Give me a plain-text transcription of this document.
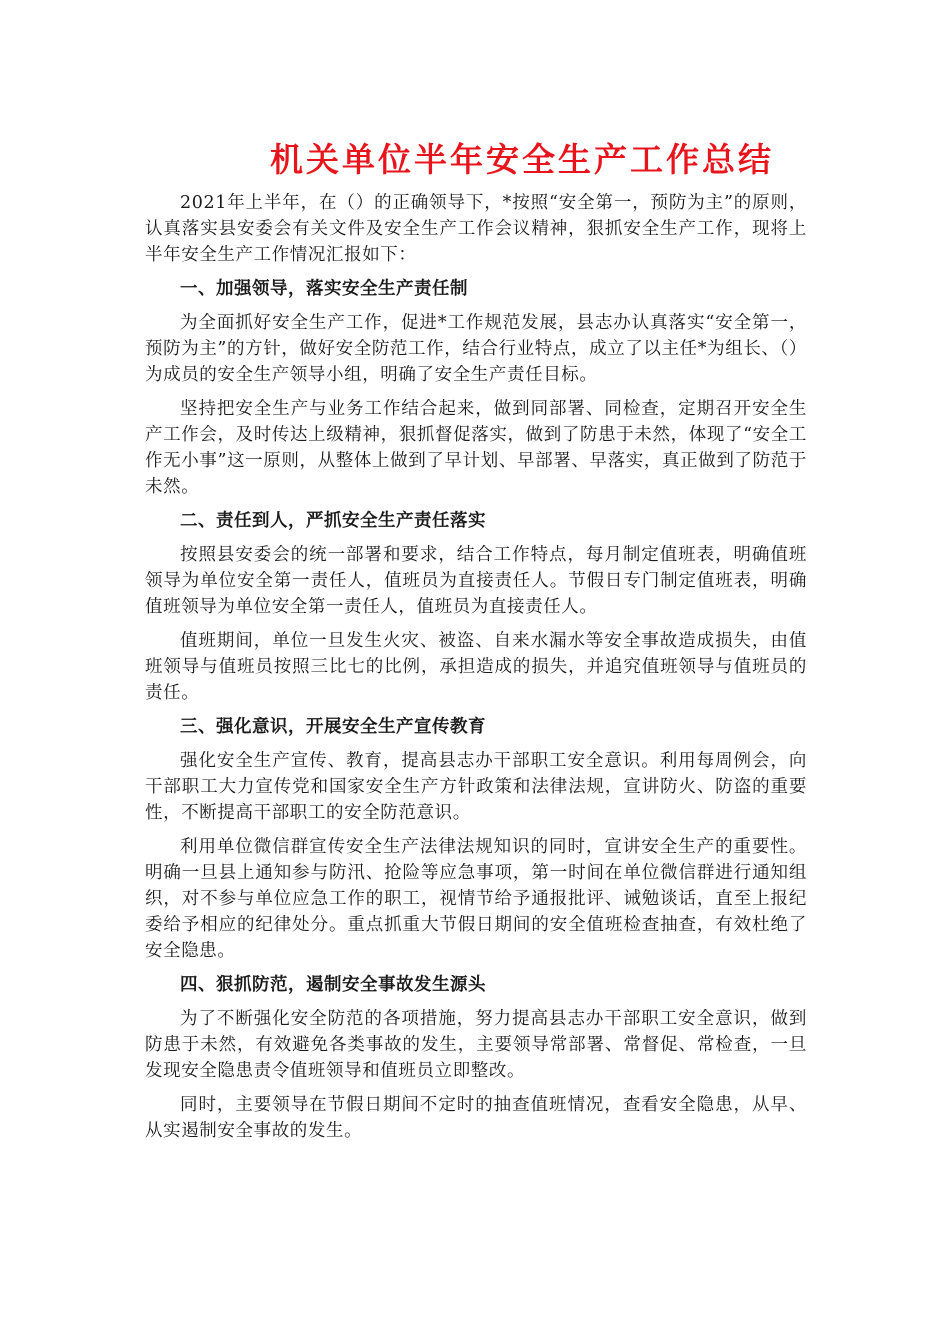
机关单位半年安全生产工作总结

2021年上半年，在（）的正确领导下，*按照“安全第一，预防为主”的原则，认真落实县安委会有关文件及安全生产工作会议精神，狠抓安全生产工作，现将上半年安全生产工作情况汇报如下：

一、加强领导，落实安全生产责任制

为全面抓好安全生产工作，促进*工作规范发展，县志办认真落实“安全第一，预防为主”的方针，做好安全防范工作，结合行业特点，成立了以主任*为组长、（）为成员的安全生产领导小组，明确了安全生产责任目标。

坚持把安全生产与业务工作结合起来，做到同部署、同检查，定期召开安全生产工作会，及时传达上级精神，狠抓督促落实，做到了防患于未然，体现了“安全工作无小事”这一原则，从整体上做到了早计划、早部署、早落实，真正做到了防范于未然。

二、责任到人，严抓安全生产责任落实

按照县安委会的统一部署和要求，结合工作特点，每月制定值班表，明确值班领导为单位安全第一责任人，值班员为直接责任人。节假日专门制定值班表，明确值班领导为单位安全第一责任人，值班员为直接责任人。

值班期间，单位一旦发生火灾、被盗、自来水漏水等安全事故造成损失，由值班领导与值班员按照三比七的比例，承担造成的损失，并追究值班领导与值班员的责任。

三、强化意识，开展安全生产宣传教育

强化安全生产宣传、教育，提高县志办干部职工安全意识。利用每周例会，向干部职工大力宣传党和国家安全生产方针政策和法律法规，宣讲防火、防盗的重要性，不断提高干部职工的安全防范意识。

利用单位微信群宣传安全生产法律法规知识的同时，宣讲安全生产的重要性。明确一旦县上通知参与防汛、抢险等应急事项，第一时间在单位微信群进行通知组织，对不参与单位应急工作的职工，视情节给予通报批评、诫勉谈话，直至上报纪委给予相应的纪律处分。重点抓重大节假日期间的安全值班检查抽查，有效杜绝了安全隐患。

四、狠抓防范，遏制安全事故发生源头

为了不断强化安全防范的各项措施，努力提高县志办干部职工安全意识，做到防患于未然，有效避免各类事故的发生，主要领导常部署、常督促、常检查，一旦发现安全隐患责令值班领导和值班员立即整改。

同时，主要领导在节假日期间不定时的抽查值班情况，查看安全隐患，从早、从实遏制安全事故的发生。
